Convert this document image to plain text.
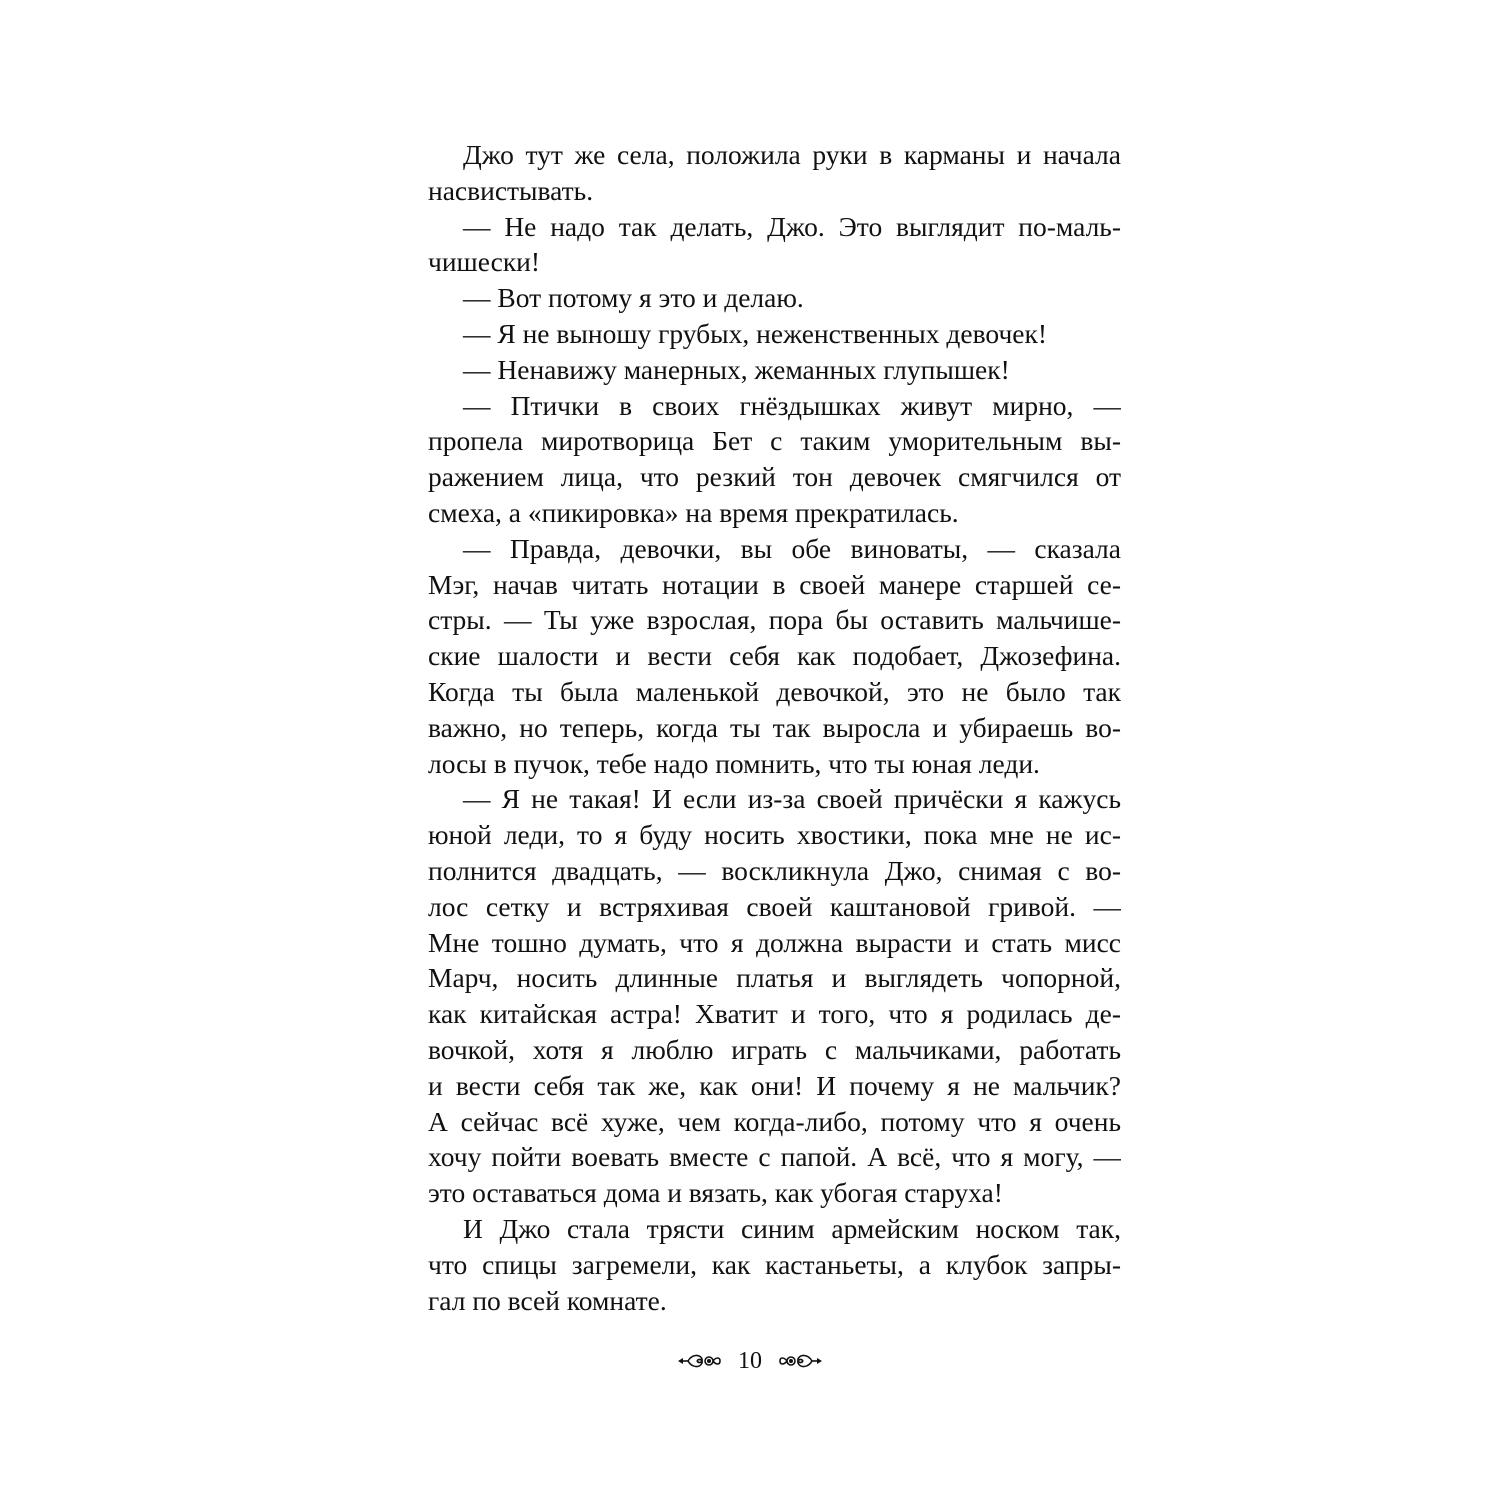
Джо тут же села, положила руки в карманы и начала
насвистывать.
— Не надо так делать, Джо. Это выглядит по-маль-
чишески!
— Вот потому я это и делаю.
— Я не выношу грубых, неженственных девочек!
— Ненавижу манерных, жеманных глупышек!
— Птички в своих гнёздышках живут мирно, —
пропела миротворица Бет с таким уморительным вы-
ражением лица, что резкий тон девочек смягчился от
смеха, а «пикировка» на время прекратилась.
— Правда, девочки, вы обе виноваты, — сказала
Мэг, начав читать нотации в своей манере старшей се-
стры. — Ты уже взрослая, пора бы оставить мальчише-
ские шалости и вести себя как подобает, Джозефина.
Когда ты была маленькой девочкой, это не было так
важно, но теперь, когда ты так выросла и убираешь во-
лосы в пучок, тебе надо помнить, что ты юная леди.
— Я не такая! И если из-за своей причёски я кажусь
юной леди, то я буду носить хвостики, пока мне не ис-
полнится двадцать, — воскликнула Джо, снимая с во-
лос сетку и встряхивая своей каштановой гривой. —
Мне тошно думать, что я должна вырасти и стать мисс
Марч, носить длинные платья и выглядеть чопорной,
как китайская астра! Хватит и того, что я родилась де-
вочкой, хотя я люблю играть с мальчиками, работать
и вести себя так же, как они! И почему я не мальчик?
А сейчас всё хуже, чем когда-либо, потому что я очень
хочу пойти воевать вместе с папой. А всё, что я могу, —
это оставаться дома и вязать, как убогая старуха!
И Джо стала трясти синим армейским носком так,
что спицы загремели, как кастаньеты, а клубок запры-
гал по всей комнате.
10
